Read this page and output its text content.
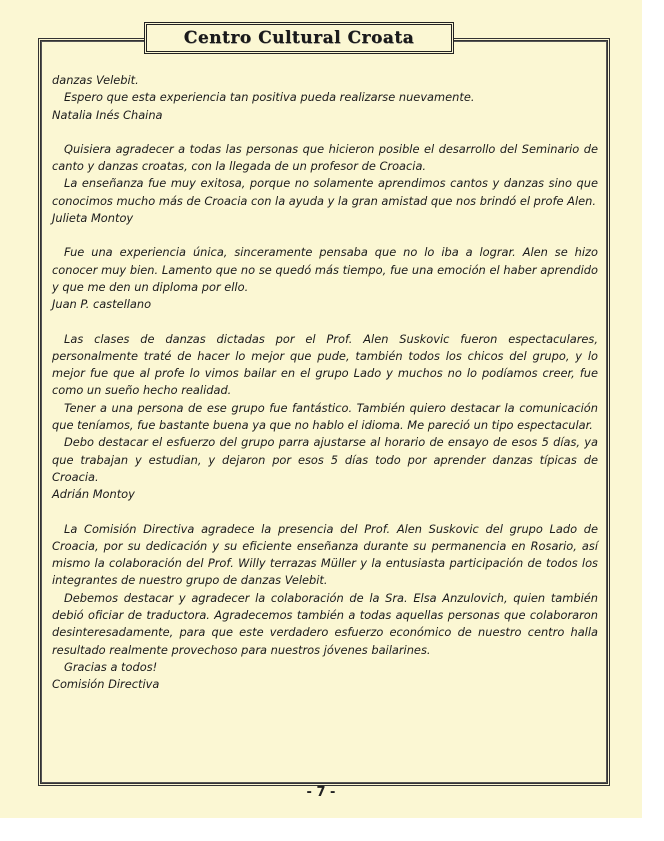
Centro Cultural Croata

danzas Velebit.

Espero que esta experiencia tan positiva pueda realizarse nuevamente.

Natalia Inés Chaina

Quisiera agradecer a todas las personas que hicieron posible el desarrollo del Seminario de canto y danzas croatas, con la llegada de un profesor de Croacia.

La enseñanza fue muy exitosa, porque no solamente aprendimos cantos y danzas sino que conocimos mucho más de Croacia con la ayuda y la gran amistad que nos brindó el profe Alen.

Julieta Montoy

Fue una experiencia única, sinceramente pensaba que no lo iba a lograr. Alen se hizo conocer muy bien. Lamento que no se quedó más tiempo, fue una emoción el haber aprendido y que me den un diploma por ello.

Juan P. castellano

Las clases de danzas dictadas por el Prof. Alen Suskovic fueron espectaculares, personalmente traté de hacer lo mejor que pude, también todos los chicos del grupo, y lo mejor fue que al profe lo vimos bailar en el grupo Lado y muchos no lo podíamos creer, fue como un sueño hecho realidad.

Tener a una persona de ese grupo fue fantástico. También quiero destacar la comunicación que teníamos, fue bastante buena ya que no hablo el idioma. Me pareció un tipo espectacular.

Debo destacar el esfuerzo del grupo parra ajustarse al horario de ensayo de esos 5 días, ya que trabajan y estudian, y dejaron por esos 5 días todo por aprender danzas típicas de Croacia.

Adrián Montoy

La Comisión Directiva agradece la presencia del Prof. Alen Suskovic del grupo Lado de Croacia, por su dedicación y su eficiente enseñanza durante su permanencia en Rosario, así mismo la colaboración del Prof. Willy terrazas Müller y la entusiasta participación de todos los integrantes de nuestro grupo de danzas Velebit.

Debemos destacar y agradecer la colaboración de la Sra. Elsa Anzulovich, quien también debió oficiar de traductora. Agradecemos también a todas aquellas personas que colaboraron desinteresadamente, para que este verdadero esfuerzo económico de nuestro centro halla resultado realmente provechoso para nuestros jóvenes bailarines.

Gracias a todos!

Comisión Directiva

- 7 -
